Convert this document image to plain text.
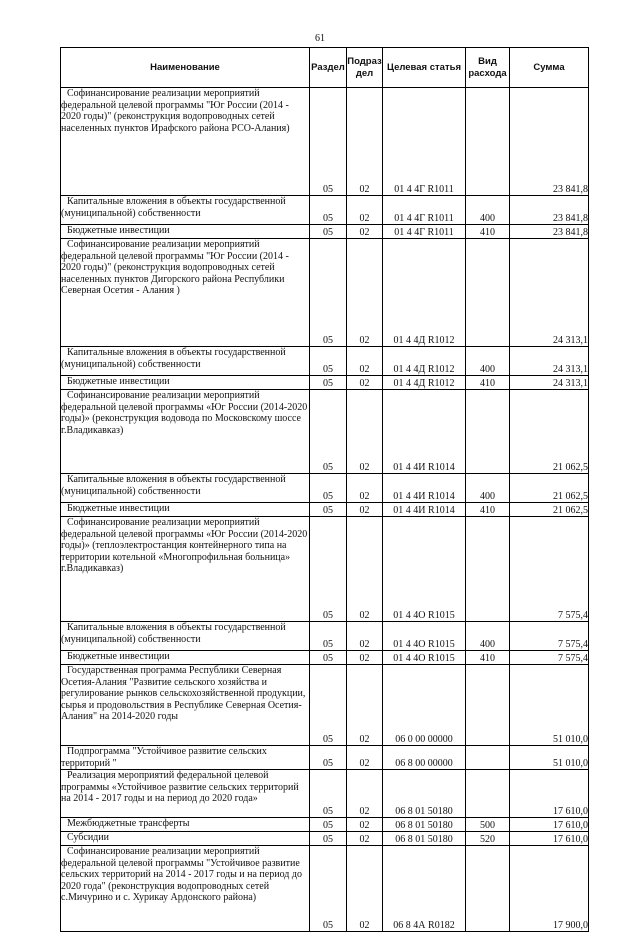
61
Наименование	Раздел	Подраз дел	Целевая статья	Вид расхода	Сумма

Софинансирование реализации мероприятий федеральной целевой программы "Юг России (2014 - 2020 годы)" (реконструкция водопроводных сетей населенных пунктов Ирафского района РСО-Алания)	05	02	01 4 4Г R1011		23 841,8

Капитальные вложения в объекты государственной (муниципальной) собственности	05	02	01 4 4Г R1011	400	23 841,8

Бюджетные инвестиции	05	02	01 4 4Г R1011	410	23 841,8

Софинансирование реализации мероприятий федеральной целевой программы "Юг России (2014 - 2020 годы)" (реконструкция водопроводных сетей населенных пунктов Дигорского района Республики Северная Осетия - Алания )	05	02	01 4 4Д R1012		24 313,1

Капитальные вложения в объекты государственной (муниципальной) собственности	05	02	01 4 4Д R1012	400	24 313,1

Бюджетные инвестиции	05	02	01 4 4Д R1012	410	24 313,1

Софинансирование реализации мероприятий федеральной целевой программы «Юг России (2014-2020 годы)» (реконструкция водовода по Московскому шоссе г.Владикавказ)	05	02	01 4 4И R1014		21 062,5

Капитальные вложения в объекты государственной (муниципальной) собственности	05	02	01 4 4И R1014	400	21 062,5

Бюджетные инвестиции	05	02	01 4 4И R1014	410	21 062,5

Софинансирование реализации мероприятий федеральной целевой программы «Юг России (2014-2020 годы)» (теплоэлектростанция контейнерного типа на территории котельной «Многопрофильная больница» г.Владикавказ)	05	02	01 4 4О R1015		7 575,4

Капитальные вложения в объекты государственной (муниципальной) собственности	05	02	01 4 4О R1015	400	7 575,4

Бюджетные инвестиции	05	02	01 4 4О R1015	410	7 575,4

Государственная программа Республики Северная Осетия-Алания "Развитие сельского хозяйства и регулирование рынков сельскохозяйственной продукции, сырья и продовольствия в Республике Северная Осетия-Алания" на 2014-2020 годы	05	02	06 0 00 00000		51 010,0

Подпрограмма "Устойчивое развитие сельских территорий "	05	02	06 8 00 00000		51 010,0

Реализация мероприятий федеральной целевой программы «Устойчивое развитие сельских территорий на 2014 - 2017 годы и на период до 2020 года»	05	02	06 8 01 50180		17 610,0

Межбюджетные трансферты	05	02	06 8 01 50180	500	17 610,0

Субсидии	05	02	06 8 01 50180	520	17 610,0

Софинансирование реализации мероприятий федеральной целевой программы "Устойчивое развитие сельских территорий на 2014 - 2017 годы и на период до 2020 года" (реконструкция водопроводных сетей с.Мичурино и с. Хурикау Ардонского района)	05	02	06 8 4А R0182		17 900,0
